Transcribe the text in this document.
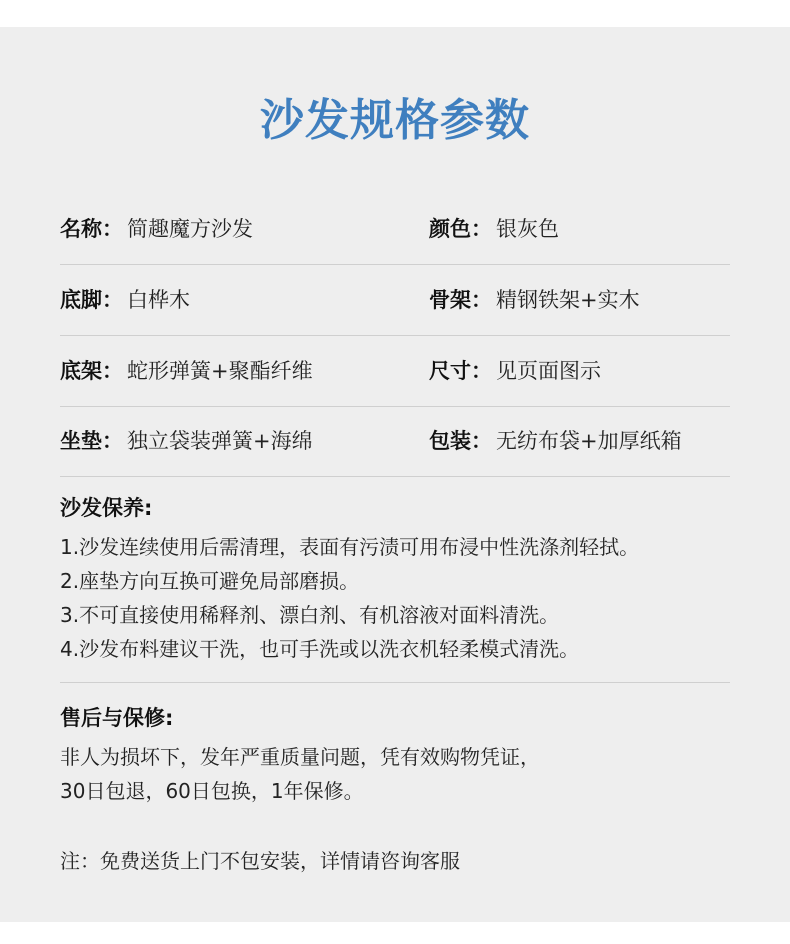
沙发规格参数
名称： 简趣魔方沙发	颜色： 银灰色
底脚： 白桦木	骨架： 精钢铁架+实木
底架： 蛇形弹簧+聚酯纤维	尺寸： 见页面图示
坐垫： 独立袋装弹簧+海绵	包装： 无纺布袋+加厚纸箱
沙发保养:
1.沙发连续使用后需清理，表面有污渍可用布浸中性洗涤剂轻拭。
2.座垫方向互换可避免局部磨损。
3.不可直接使用稀释剂、漂白剂、有机溶液对面料清洗。
4.沙发布料建议干洗，也可手洗或以洗衣机轻柔模式清洗。
售后与保修:
非人为损坏下，发年严重质量问题，凭有效购物凭证，
30日包退，60日包换，1年保修。
注：免费送货上门不包安装，详情请咨询客服
